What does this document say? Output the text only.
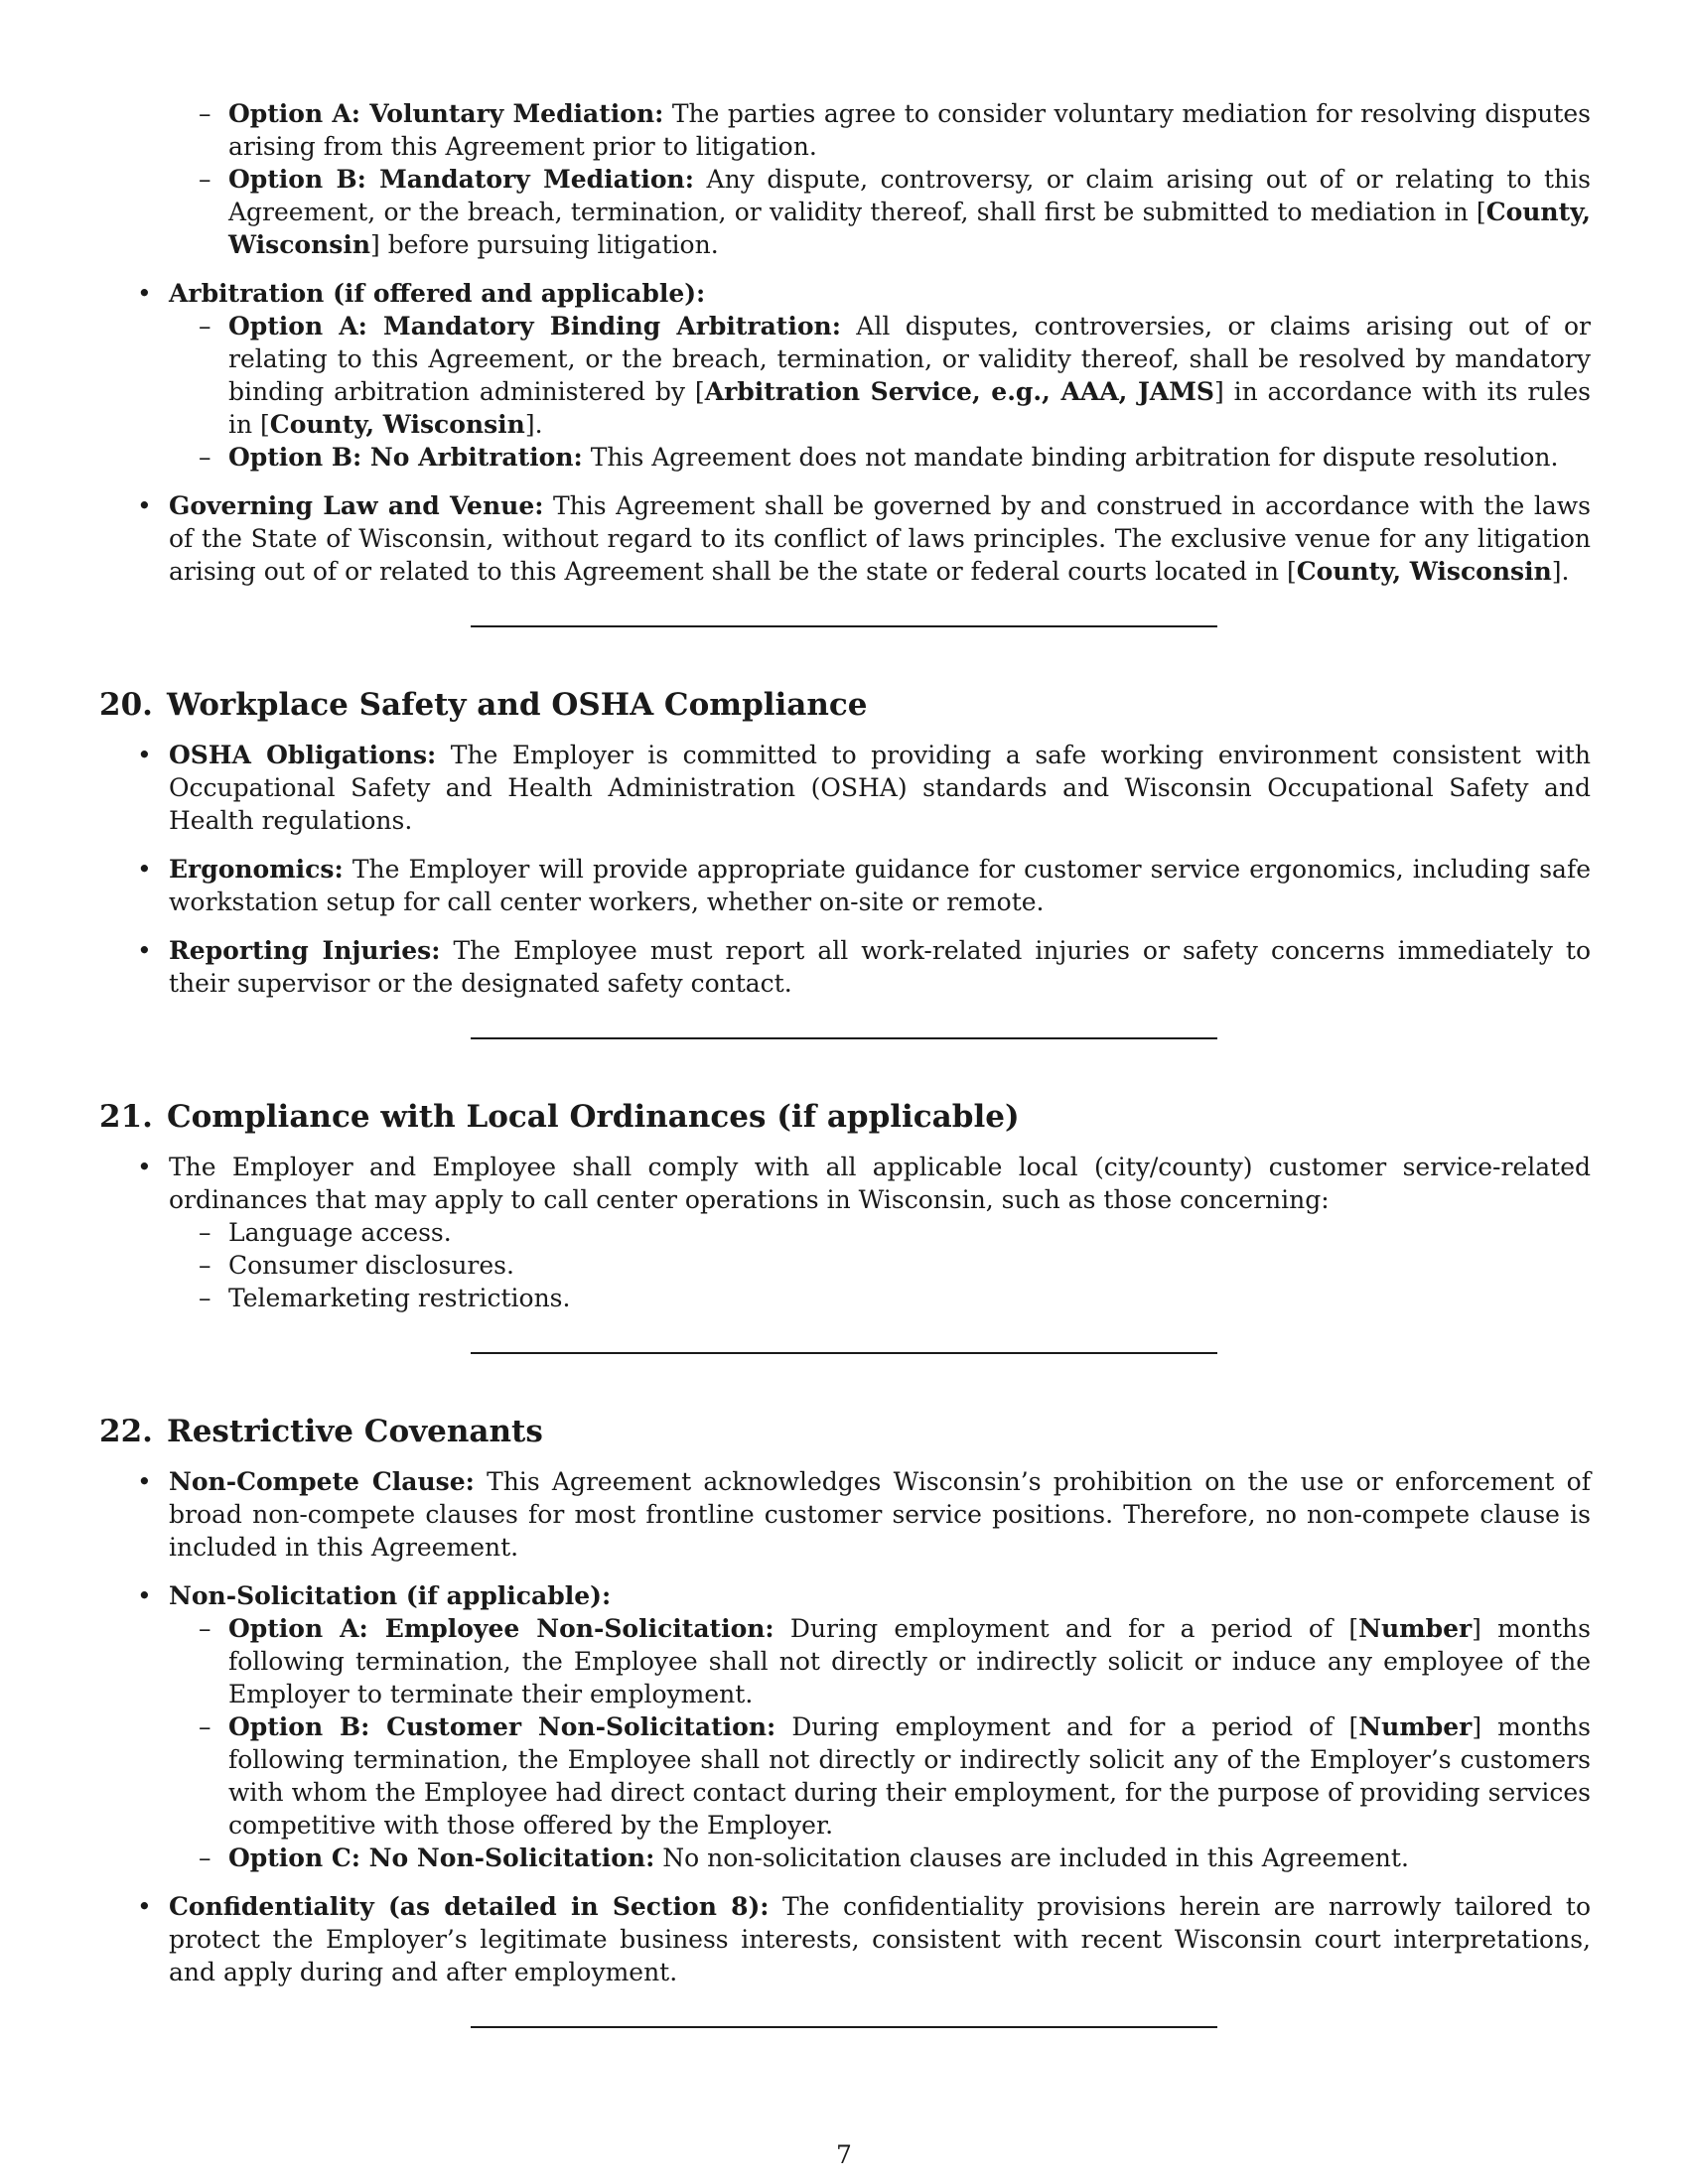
– Option A: Voluntary Mediation: The parties agree to consider voluntary mediation for resolving disputes arising from this Agreement prior to litigation.
– Option B: Mandatory Mediation: Any dispute, controversy, or claim arising out of or relating to this Agreement, or the breach, termination, or validity thereof, shall first be submitted to mediation in [County, Wisconsin] before pursuing litigation.
• Arbitration (if offered and applicable):
– Option A: Mandatory Binding Arbitration: All disputes, controversies, or claims arising out of or relating to this Agreement, or the breach, termination, or validity thereof, shall be resolved by mandatory binding arbitration administered by [Arbitration Service, e.g., AAA, JAMS] in accordance with its rules in [County, Wisconsin].
– Option B: No Arbitration: This Agreement does not mandate binding arbitration for dispute resolution.
• Governing Law and Venue: This Agreement shall be governed by and construed in accordance with the laws of the State of Wisconsin, without regard to its conflict of laws principles. The exclusive venue for any litigation arising out of or related to this Agreement shall be the state or federal courts located in [County, Wisconsin].
20. Workplace Safety and OSHA Compliance
• OSHA Obligations: The Employer is committed to providing a safe working environment consistent with Occupational Safety and Health Administration (OSHA) standards and Wisconsin Occupational Safety and Health regulations.
• Ergonomics: The Employer will provide appropriate guidance for customer service ergonomics, including safe workstation setup for call center workers, whether on-site or remote.
• Reporting Injuries: The Employee must report all work-related injuries or safety concerns immediately to their supervisor or the designated safety contact.
21. Compliance with Local Ordinances (if applicable)
• The Employer and Employee shall comply with all applicable local (city/county) customer service-related ordinances that may apply to call center operations in Wisconsin, such as those concerning:
– Language access.
– Consumer disclosures.
– Telemarketing restrictions.
22. Restrictive Covenants
• Non-Compete Clause: This Agreement acknowledges Wisconsin’s prohibition on the use or enforcement of broad non-compete clauses for most frontline customer service positions. Therefore, no non-compete clause is included in this Agreement.
• Non-Solicitation (if applicable):
– Option A: Employee Non-Solicitation: During employment and for a period of [Number] months following termination, the Employee shall not directly or indirectly solicit or induce any employee of the Employer to terminate their employment.
– Option B: Customer Non-Solicitation: During employment and for a period of [Number] months following termination, the Employee shall not directly or indirectly solicit any of the Employer’s customers with whom the Employee had direct contact during their employment, for the purpose of providing services competitive with those offered by the Employer.
– Option C: No Non-Solicitation: No non-solicitation clauses are included in this Agreement.
• Confidentiality (as detailed in Section 8): The confidentiality provisions herein are narrowly tailored to protect the Employer’s legitimate business interests, consistent with recent Wisconsin court interpretations, and apply during and after employment.
7
